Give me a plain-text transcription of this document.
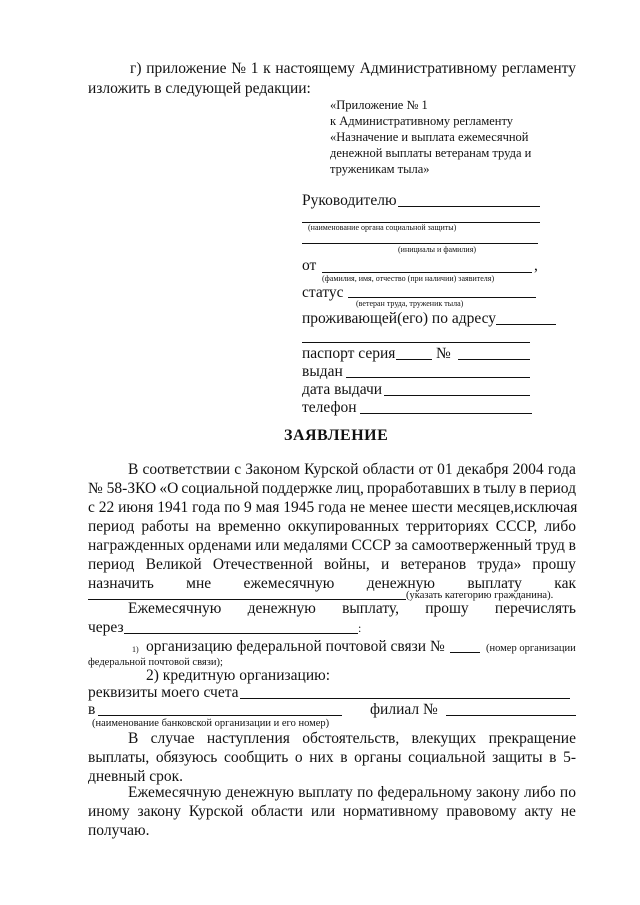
г) приложение № 1 к настоящему Административному регламенту
изложить в следующей редакции:
«Приложение № 1
к Административному регламенту
«Назначение и выплата ежемесячной
денежной выплаты ветеранам труда и
труженикам тыла»
Руководителю
(наименование органа социальной защиты)
(инициалы и фамилия)
от	,
(фамилия, имя, отчество (при наличии) заявителя)
статус
(ветеран труда, труженик тыла)
проживающей(его) по адресу
паспорт серия	№
выдан
дата выдачи
телефон
ЗАЯВЛЕНИЕ
В соответствии с Законом Курской области от 01 декабря 2004 года
№ 58-ЗКО «О социальной поддержке лиц, проработавших в тылу в период
с 22 июня 1941 года по 9 мая 1945 года не менее шести месяцев, исключая
период работы на временно оккупированных территориях СССР, либо
награжденных орденами или медалями СССР за самоотверженный труд в
период Великой Отечественной войны, и ветеранов труда» прошу
назначить мне ежемесячную денежную выплату как
(указать категорию гражданина).
Ежемесячную денежную выплату, прошу перечислять
через	:
1) организацию федеральной почтовой связи №	(номер организации
федеральной почтовой связи);
2) кредитную организацию:
реквизиты моего счета
в	филиал №
(наименование банковской организации и его номер)
В случае наступления обстоятельств, влекущих прекращение
выплаты, обязуюсь сообщить о них в органы социальной защиты в 5-
дневный срок.
Ежемесячную денежную выплату по федеральному закону либо по
иному закону Курской области или нормативному правовому акту не
получаю.
